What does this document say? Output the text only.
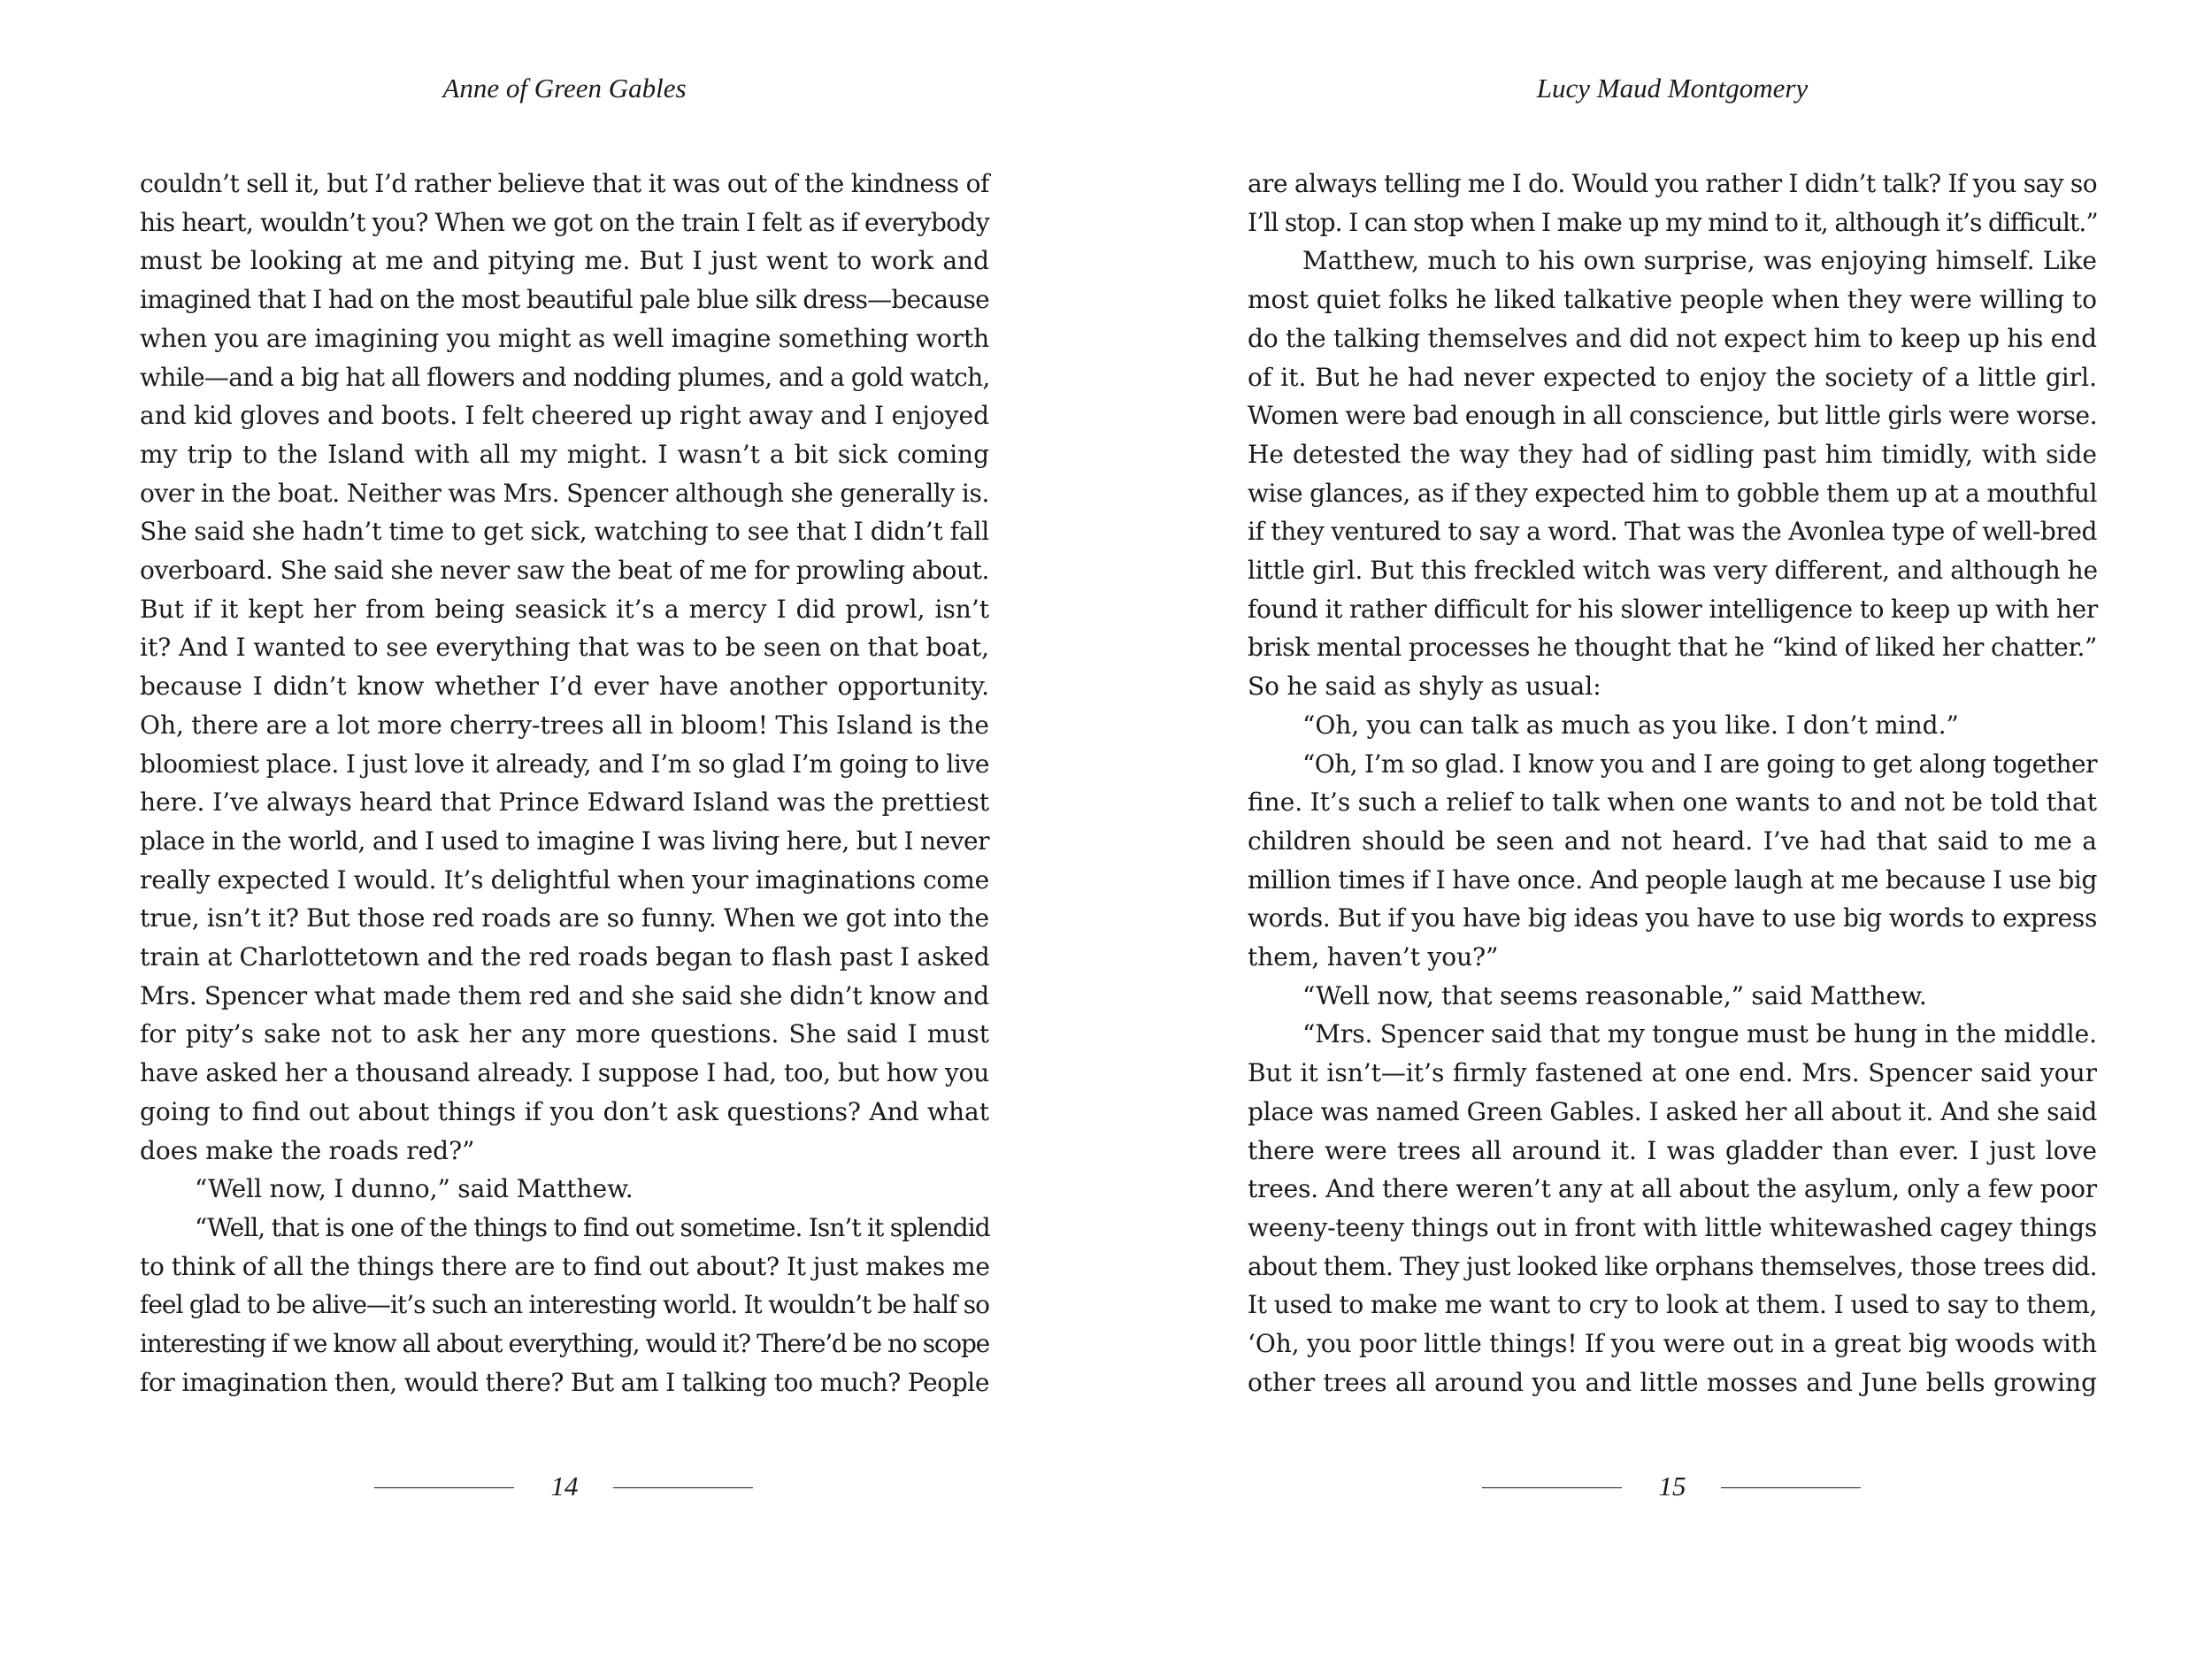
Anne of Green Gables
couldn’t sell it, but I’d rather believe that it was out of the kindness of
his heart, wouldn’t you? When we got on the train I felt as if everybody
must be looking at me and pitying me. But I just went to work and
imagined that I had on the most beautiful pale blue silk dress—because
when you are imagining you might as well imagine something worth
while—and a big hat all flowers and nodding plumes, and a gold watch,
and kid gloves and boots. I felt cheered up right away and I enjoyed
my trip to the Island with all my might. I wasn’t a bit sick coming
over in the boat. Neither was Mrs. Spencer although she generally is.
She said she hadn’t time to get sick, watching to see that I didn’t fall
overboard. She said she never saw the beat of me for prowling about.
But if it kept her from being seasick it’s a mercy I did prowl, isn’t
it? And I wanted to see everything that was to be seen on that boat,
because I didn’t know whether I’d ever have another opportunity.
Oh, there are a lot more cherry-trees all in bloom! This Island is the
bloomiest place. I just love it already, and I’m so glad I’m going to live
here. I’ve always heard that Prince Edward Island was the prettiest
place in the world, and I used to imagine I was living here, but I never
really expected I would. It’s delightful when your imaginations come
true, isn’t it? But those red roads are so funny. When we got into the
train at Charlottetown and the red roads began to flash past I asked
Mrs. Spencer what made them red and she said she didn’t know and
for pity’s sake not to ask her any more questions. She said I must
have asked her a thousand already. I suppose I had, too, but how you
going to find out about things if you don’t ask questions? And what
does make the roads red?”
“Well now, I dunno,” said Matthew.
“Well, that is one of the things to find out sometime. Isn’t it splendid
to think of all the things there are to find out about? It just makes me
feel glad to be alive—it’s such an interesting world. It wouldn’t be half so
interesting if we know all about everything, would it? There’d be no scope
for imagination then, would there? But am I talking too much? People
14
Lucy Maud Montgomery
are always telling me I do. Would you rather I didn’t talk? If you say so
I’ll stop. I can stop when I make up my mind to it, although it’s difficult.”
Matthew, much to his own surprise, was enjoying himself. Like
most quiet folks he liked talkative people when they were willing to
do the talking themselves and did not expect him to keep up his end
of it. But he had never expected to enjoy the society of a little girl.
Women were bad enough in all conscience, but little girls were worse.
He detested the way they had of sidling past him timidly, with side
wise glances, as if they expected him to gobble them up at a mouthful
if they ventured to say a word. That was the Avonlea type of well-bred
little girl. But this freckled witch was very different, and although he
found it rather difficult for his slower intelligence to keep up with her
brisk mental processes he thought that he “kind of liked her chatter.”
So he said as shyly as usual:
“Oh, you can talk as much as you like. I don’t mind.”
“Oh, I’m so glad. I know you and I are going to get along together
fine. It’s such a relief to talk when one wants to and not be told that
children should be seen and not heard. I’ve had that said to me a
million times if I have once. And people laugh at me because I use big
words. But if you have big ideas you have to use big words to express
them, haven’t you?”
“Well now, that seems reasonable,” said Matthew.
“Mrs. Spencer said that my tongue must be hung in the middle.
But it isn’t—it’s firmly fastened at one end. Mrs. Spencer said your
place was named Green Gables. I asked her all about it. And she said
there were trees all around it. I was gladder than ever. I just love
trees. And there weren’t any at all about the asylum, only a few poor
weeny-teeny things out in front with little whitewashed cagey things
about them. They just looked like orphans themselves, those trees did.
It used to make me want to cry to look at them. I used to say to them,
‘Oh, you poor little things! If you were out in a great big woods with
other trees all around you and little mosses and June bells growing
15
